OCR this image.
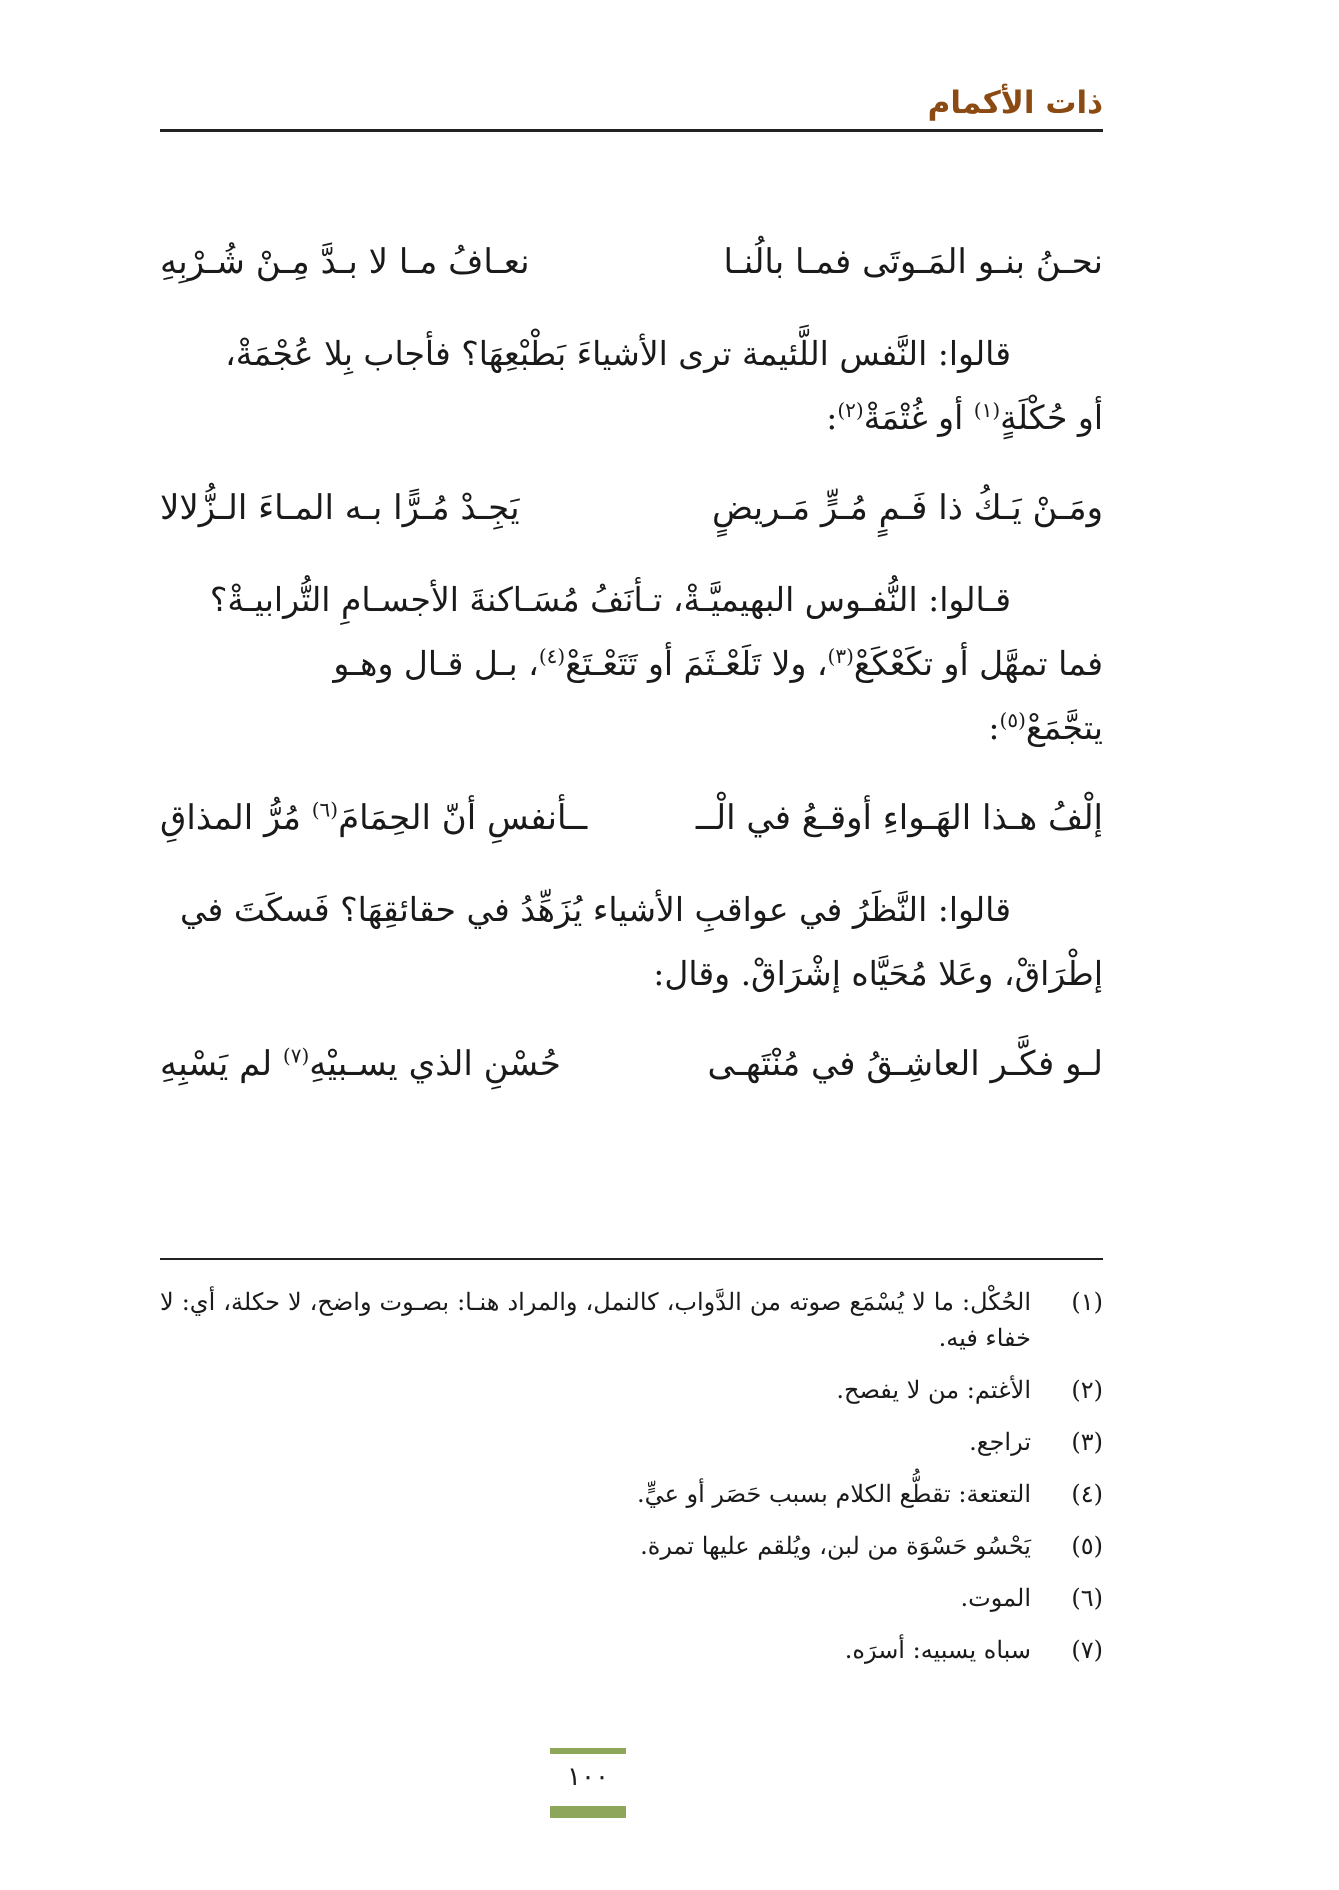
ذات الأكمام
نحـنُ بنـو المَـوتَى فمـا بالُنـا
نعـافُ مـا لا بـدَّ مِـنْ شُـرْبِهِ
قالوا: النَّفس اللَّئيمة ترى الأشياءَ بَطْبْعِهَا؟ فأجاب بِلا عُجْمَةْ،
أو حُكْلَةٍ$^{(١)}$ أو غُتْمَةْ$^{(٢)}$:
ومَـنْ يَـكُ ذا فَـمٍ مُـرٍّ مَـريضٍ
يَجِـدْ مُـرًّا بـه المـاءَ الـزُّلالا
قـالوا: النُّفـوس البهيميَّـةْ، تـأنَفُ مُسَـاكنةَ الأجسـامِ التُّرابيـةْ؟
فما تمهَّل أو تكَعْكَعْ$^{(٣)}$، ولا تَلَعْـثَمَ أو تَتَعْـتَعْ$^{(٤)}$، بـل قـال وهـو
يتجَّمَعْ$^{(٥)}$:
إلْفُ هـذا الهَـواءِ أوقـعُ في الْــ
ــأنفسِ أنّ الحِمَامَ$^{(٦)}$ مُرُّ المذاقِ
قالوا: النَّظَرُ في عواقبِ الأشياء يُزَهِّدُ في حقائقِهَا؟ فَسكَتَ في
إطْرَاقْ، وعَلا مُحَيَّاه إشْرَاقْ. وقال:
لـو فكَّـر العاشِـقُ في مُنْتَهـى
حُسْنِ الذي يسـبيْهِ$^{(٧)}$ لم يَسْبِهِ
(١)
الحُكْل: ما لا يُسْمَع صوته من الدَّواب، كالنمل، والمراد هنـا: بصـوت واضح، لا حكلة، أي: لا خفاء فيه.
(٢)
الأغتم: من لا يفصح.
(٣)
تراجع.
(٤)
التعتعة: تقطُّع الكلام بسبب حَصَر أو عيٍّ.
(٥)
يَحْسُو حَسْوَة من لبن، ويُلقم عليها تمرة.
(٦)
الموت.
(٧)
سباه يسبيه: أسرَه.
١٠٠
